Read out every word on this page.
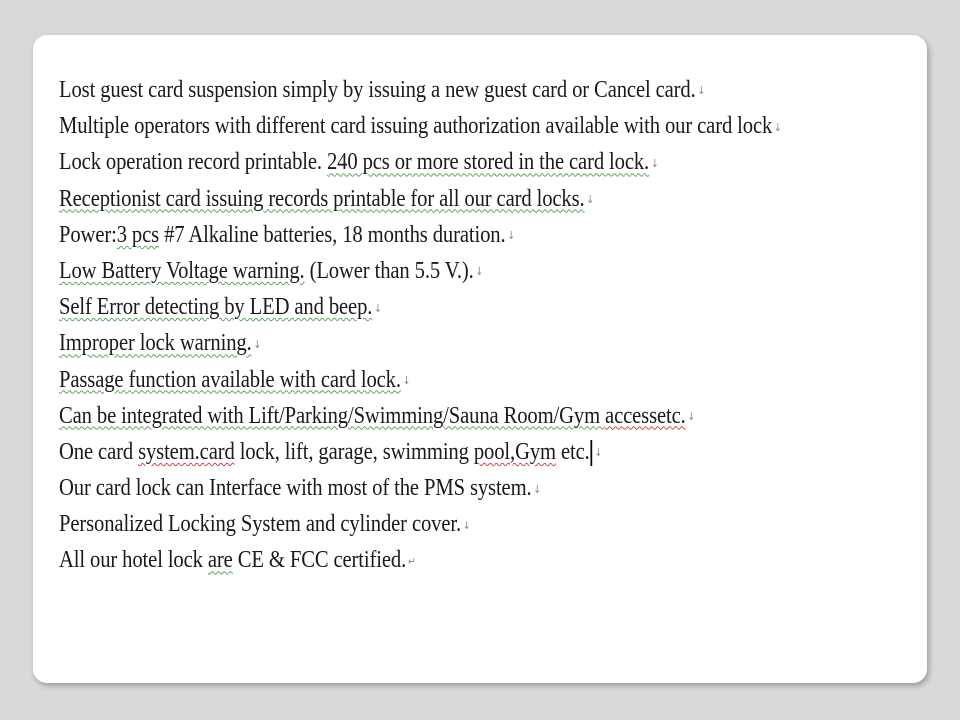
Lost guest card suspension simply by issuing a new guest card or Cancel card. ↓
Multiple operators with different card issuing authorization available with our card lock ↓
Lock operation record printable. 240 pcs or more stored in the card lock. ↓
Receptionist card issuing records printable for all our card locks. ↓
Power:3 pcs #7 Alkaline batteries, 18 months duration. ↓
Low Battery Voltage warning. (Lower than 5.5 V.). ↓
Self Error detecting by LED and beep. ↓
Improper lock warning. ↓
Passage function available with card lock. ↓
Can be integrated with Lift/Parking/Swimming/Sauna Room/Gym accessetc. ↓
One card system.card lock, lift, garage, swimming pool,Gym etc. ↓
Our card lock can Interface with most of the PMS system. ↓
Personalized Locking System and cylinder cover. ↓
All our hotel lock are CE & FCC certified. ↵
